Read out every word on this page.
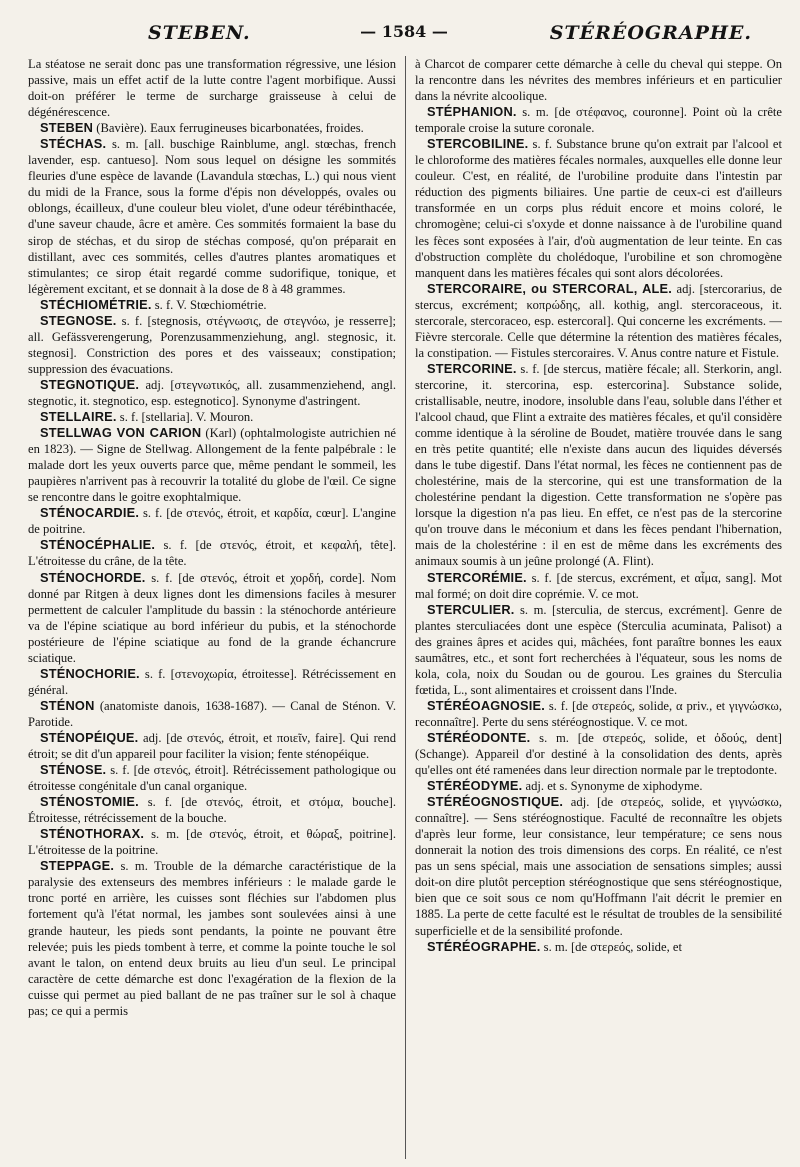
STEBEN.	— 1584 —	STÉRÉOGRAPHE.

La stéatose ne serait donc pas une transformation régressive, une lésion passive, mais un effet actif de la lutte contre l'agent morbifique. Aussi doit-on préférer le terme de surcharge graisseuse à celui de dégénérescence.

STEBEN (Bavière). Eaux ferrugineuses bicarbonatées, froides.

STÉCHAS. s. m. [all. buschige Rainblume, angl. stœchas, french lavender, esp. cantueso]. Nom sous lequel on désigne les sommités fleuries d'une espèce de lavande (Lavandula stœchas, L.) qui nous vient du midi de la France, sous la forme d'épis non développés, ovales ou oblongs, écailleux, d'une couleur bleu violet, d'une odeur térébinthacée, d'une saveur chaude, âcre et amère. Ces sommités formaient la base du sirop de stéchas, et du sirop de stéchas composé, qu'on préparait en distillant, avec ces sommités, celles d'autres plantes aromatiques et stimulantes; ce sirop était regardé comme sudorifique, tonique, et légèrement excitant, et se donnait à la dose de 8 à 48 grammes.

STÉCHIOMÉTRIE. s. f. V. Stœchiométrie.

STEGNOSE. s. f. [stegnosis, στέγνωσις, de στεγνόω, je resserre]; all. Gefässverengerung, Porenzusammenziehung, angl. stegnosic, it. stegnosi]. Constriction des pores et des vaisseaux; constipation; suppression des évacuations.

STEGNOTIQUE. adj. [στεγνωτικός, all. zusammenziehend, angl. stegnotic, it. stegnotico, esp. estegnotico]. Synonyme d'astringent.

STELLAIRE. s. f. [stellaria]. V. Mouron.

STELLWAG VON CARION (Karl) (ophtalmologiste autrichien né en 1823). — Signe de Stellwag. Allongement de la fente palpébrale : le malade dort les yeux ouverts parce que, même pendant le sommeil, les paupières n'arrivent pas à recouvrir la totalité du globe de l'œil. Ce signe se rencontre dans le goitre exophtalmique.

STÉNOCARDIE. s. f. [de στενός, étroit, et καρδία, cœur]. L'angine de poitrine.

STÉNOCÉPHALIE. s. f. [de στενός, étroit, et κεφαλή, tête]. L'étroitesse du crâne, de la tête.

STÉNOCHORDE. s. f. [de στενός, étroit et χορδή, corde]. Nom donné par Ritgen à deux lignes dont les dimensions faciles à mesurer permettent de calculer l'amplitude du bassin : la sténochorde antérieure va de l'épine sciatique au bord inférieur du pubis, et la sténochorde postérieure de l'épine sciatique au fond de la grande échancrure sciatique.

STÉNOCHORIE. s. f. [στενοχωρία, étroitesse]. Rétrécissement en général.

STÉNON (anatomiste danois, 1638-1687). — Canal de Sténon. V. Parotide.

STÉNOPÉIQUE. adj. [de στενός, étroit, et ποιεῖν, faire]. Qui rend étroit; se dit d'un appareil pour faciliter la vision; fente sténopéique.

STÉNOSE. s. f. [de στενός, étroit]. Rétrécissement pathologique ou étroitesse congénitale d'un canal organique.

STÉNOSTOMIE. s. f. [de στενός, étroit, et στόμα, bouche]. Étroitesse, rétrécissement de la bouche.

STÉNOTHORAX. s. m. [de στενός, étroit, et θώραξ, poitrine]. L'étroitesse de la poitrine.

STEPPAGE. s. m. Trouble de la démarche caractéristique de la paralysie des extenseurs des membres inférieurs : le malade garde le tronc porté en arrière, les cuisses sont fléchies sur l'abdomen plus fortement qu'à l'état normal, les jambes sont soulevées ainsi à une grande hauteur, les pieds sont pendants, la pointe ne pouvant être relevée; puis les pieds tombent à terre, et comme la pointe touche le sol avant le talon, on entend deux bruits au lieu d'un seul. Le principal caractère de cette démarche est donc l'exagération de la flexion de la cuisse qui permet au pied ballant de ne pas traîner sur le sol à chaque pas; ce qui a permis

à Charcot de comparer cette démarche à celle du cheval qui steppe. On la rencontre dans les névrites des membres inférieurs et en particulier dans la névrite alcoolique.

STÉPHANION. s. m. [de στέφανος, couronne]. Point où la crête temporale croise la suture coronale.

STERCOBILINE. s. f. Substance brune qu'on extrait par l'alcool et le chloroforme des matières fécales normales, auxquelles elle donne leur couleur. C'est, en réalité, de l'urobiline produite dans l'intestin par réduction des pigments biliaires. Une partie de ceux-ci est d'ailleurs transformée en un corps plus réduit encore et moins coloré, le chromogène; celui-ci s'oxyde et donne naissance à de l'urobiline quand les fèces sont exposées à l'air, d'où augmentation de leur teinte. En cas d'obstruction complète du cholédoque, l'urobiline et son chromogène manquent dans les matières fécales qui sont alors décolorées.

STERCORAIRE, ou STERCORAL, ALE. adj. [stercorarius, de stercus, excrément; κοπρώδης, all. kothig, angl. stercoraceous, it. stercorale, stercoraceo, esp. estercoral]. Qui concerne les excréments. — Fièvre stercorale. Celle que détermine la rétention des matières fécales, la constipation. — Fistules stercoraires. V. Anus contre nature et Fistule.

STERCORINE. s. f. [de stercus, matière fécale; all. Sterkorin, angl. stercorine, it. stercorina, esp. estercorina]. Substance solide, cristallisable, neutre, inodore, insoluble dans l'eau, soluble dans l'éther et l'alcool chaud, que Flint a extraite des matières fécales, et qu'il considère comme identique à la séroline de Boudet, matière trouvée dans le sang en très petite quantité; elle n'existe dans aucun des liquides déversés dans le tube digestif. Dans l'état normal, les fèces ne contiennent pas de cholestérine, mais de la stercorine, qui est une transformation de la cholestérine pendant la digestion. Cette transformation ne s'opère pas lorsque la digestion n'a pas lieu. En effet, ce n'est pas de la stercorine qu'on trouve dans le méconium et dans les fèces pendant l'hibernation, mais de la cholestérine : il en est de même dans les excréments des animaux soumis à un jeûne prolongé (A. Flint).

STERCORÉMIE. s. f. [de stercus, excrément, et αἷμα, sang]. Mot mal formé; on doit dire coprémie. V. ce mot.

STERCULIER. s. m. [sterculia, de stercus, excrément]. Genre de plantes sterculiacées dont une espèce (Sterculia acuminata, Palisot) a des graines âpres et acides qui, mâchées, font paraître bonnes les eaux saumâtres, etc., et sont fort recherchées à l'équateur, sous les noms de kola, cola, noix du Soudan ou de gourou. Les graines du Sterculia fœtida, L., sont alimentaires et croissent dans l'Inde.

STÉRÉOAGNOSIE. s. f. [de στερεός, solide, α priv., et γιγνώσκω, reconnaître]. Perte du sens stéréognostique. V. ce mot.

STÉRÉODONTE. s. m. [de στερεός, solide, et ὀδούς, dent] (Schange). Appareil d'or destiné à la consolidation des dents, après qu'elles ont été ramenées dans leur direction normale par le treptodonte.

STÉRÉODYME. adj. et s. Synonyme de xiphodyme.

STÉRÉOGNOSTIQUE. adj. [de στερεός, solide, et γιγνώσκω, connaître]. — Sens stéréognostique. Faculté de reconnaître les objets d'après leur forme, leur consistance, leur température; ce sens nous donnerait la notion des trois dimensions des corps. En réalité, ce n'est pas un sens spécial, mais une association de sensations simples; aussi doit-on dire plutôt perception stéréognostique que sens stéréognostique, bien que ce soit sous ce nom qu'Hoffmann l'ait décrit le premier en 1885. La perte de cette faculté est le résultat de troubles de la sensibilité superficielle et de la sensibilité profonde.

STÉRÉOGRAPHE. s. m. [de στερεός, solide, et
